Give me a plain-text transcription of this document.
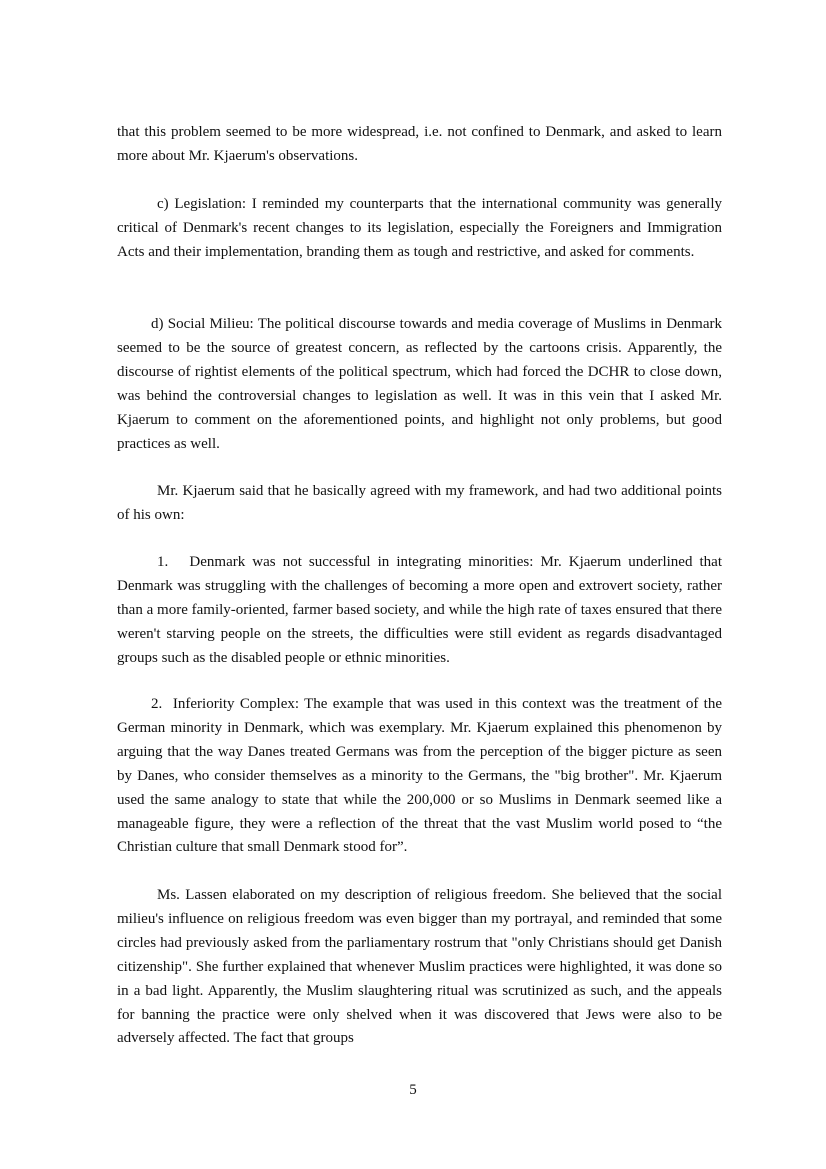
that this problem seemed to be more widespread, i.e. not confined to Denmark, and asked to learn more about Mr. Kjaerum's observations.

c) Legislation: I reminded my counterparts that the international community was generally critical of Denmark's recent changes to its legislation, especially the Foreigners and Immigration Acts and their implementation, branding them as tough and restrictive, and asked for comments.

d) Social Milieu: The political discourse towards and media coverage of Muslims in Denmark seemed to be the source of greatest concern, as reflected by the cartoons crisis. Apparently, the discourse of rightist elements of the political spectrum, which had forced the DCHR to close down, was behind the controversial changes to legislation as well. It was in this vein that I asked Mr. Kjaerum to comment on the aforementioned points, and highlight not only problems, but good practices as well.

Mr. Kjaerum said that he basically agreed with my framework, and had two additional points of his own:

1.   Denmark was not successful in integrating minorities: Mr. Kjaerum underlined that Denmark was struggling with the challenges of becoming a more open and extrovert society, rather than a more family-oriented, farmer based society, and while the high rate of taxes ensured that there weren't starving people on the streets, the difficulties were still evident as regards disadvantaged groups such as the disabled people or ethnic minorities.

2.  Inferiority Complex: The example that was used in this context was the treatment of the German minority in Denmark, which was exemplary. Mr. Kjaerum explained this phenomenon by arguing that the way Danes treated Germans was from the perception of the bigger picture as seen by Danes, who consider themselves as a minority to the Germans, the "big brother". Mr. Kjaerum used the same analogy to state that while the 200,000 or so Muslims in Denmark seemed like a manageable figure, they were a reflection of the threat that the vast Muslim world posed to “the Christian culture that small Denmark stood for”.

Ms. Lassen elaborated on my description of religious freedom. She believed that the social milieu's influence on religious freedom was even bigger than my portrayal, and reminded that some circles had previously asked from the parliamentary rostrum that "only Christians should get Danish citizenship". She further explained that whenever Muslim practices were highlighted, it was done so in a bad light. Apparently, the Muslim slaughtering ritual was scrutinized as such, and the appeals for banning the practice were only shelved when it was discovered that Jews were also to be adversely affected. The fact that groups

5
